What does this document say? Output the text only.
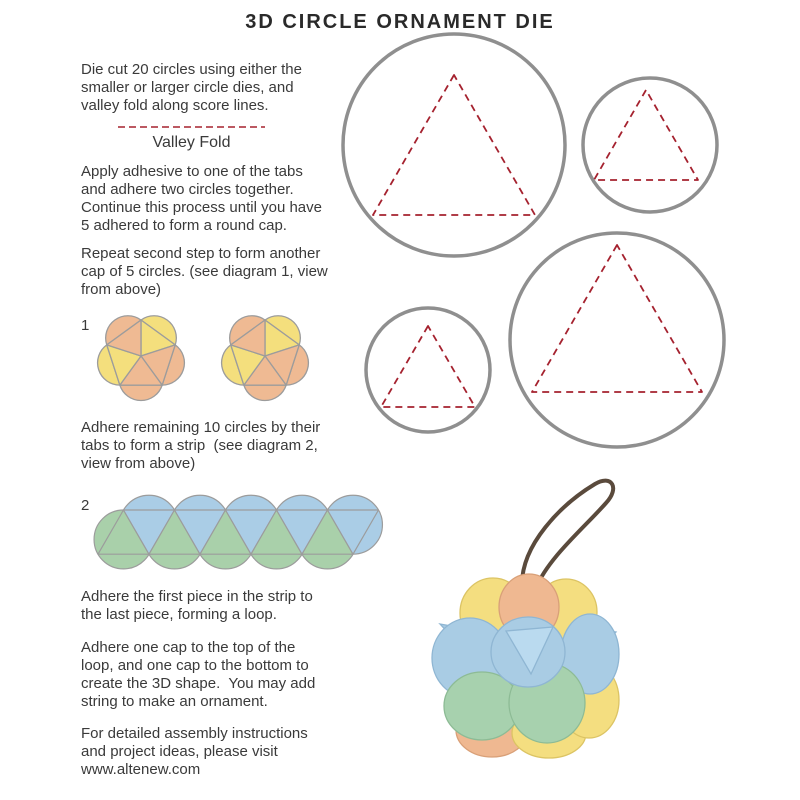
3D CIRCLE ORNAMENT DIE
Die cut 20 circles using either the
smaller or larger circle dies, and
valley fold along score lines.
Valley Fold
Apply adhesive to one of the tabs
and adhere two circles together.
Continue this process until you have
5 adhered to form a round cap.
Repeat second step to form another
cap of 5 circles. (see diagram 1, view
from above)
1
Adhere remaining 10 circles by their
tabs to form a strip  (see diagram 2,
view from above)
2
Adhere the first piece in the strip to
the last piece, forming a loop.
Adhere one cap to the top of the
loop, and one cap to the bottom to
create the 3D shape.  You may add
string to make an ornament.
For detailed assembly instructions
and project ideas, please visit
www.altenew.com
